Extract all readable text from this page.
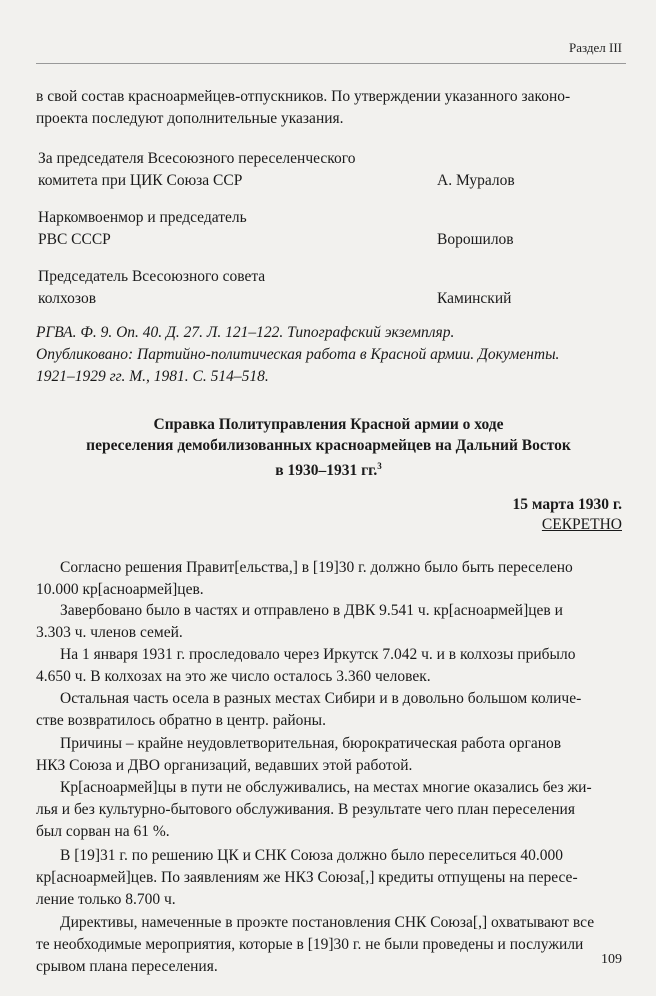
Раздел III
в свой состав красноармейцев-отпускников. По утверждении указанного законо-
проекта последуют дополнительные указания.
За председателя Всесоюзного переселенческого
комитета при ЦИК Союза ССР	А. Муралов
Наркомвоенмор и председатель
РВС СССР	Ворошилов
Председатель Всесоюзного совета
колхозов	Каминский
РГВА. Ф. 9. Оп. 40. Д. 27. Л. 121–122. Типографский экземпляр.
Опубликовано: Партийно-политическая работа в Красной армии. Документы.
1921–1929 гг. М., 1981. С. 514–518.
Справка Политуправления Красной армии о ходе
переселения демобилизованных красноармейцев на Дальний Восток
в 1930–1931 гг.$^3$
15 марта 1930 г.
СЕКРЕТНО
Согласно решения Правит[ельства,] в [19]30 г. должно было быть переселено
10.000 кр[асноармей]цев.
Завербовано было в частях и отправлено в ДВК 9.541 ч. кр[асноармей]цев и
3.303 ч. членов семей.
На 1 января 1931 г. проследовало через Иркутск 7.042 ч. и в колхозы прибыло
4.650 ч. В колхозах на это же число осталось 3.360 человек.
Остальная часть осела в разных местах Сибири и в довольно большом количе-
стве возвратилось обратно в центр. районы.
Причины – крайне неудовлетворительная, бюрократическая работа органов
НКЗ Союза и ДВО организаций, ведавших этой работой.
Кр[асноармей]цы в пути не обслуживались, на местах многие оказались без жи-
лья и без культурно-бытового обслуживания. В результате чего план переселения
был сорван на 61 %.
В [19]31 г. по решению ЦК и СНК Союза должно было переселиться 40.000
кр[асноармей]цев. По заявлениям же НКЗ Союза[,] кредиты отпущены на пересе-
ление только 8.700 ч.
Директивы, намеченные в проэкте постановления СНК Союза[,] охватывают все
те необходимые мероприятия, которые в [19]30 г. не были проведены и послужили
срывом плана переселения.	109
